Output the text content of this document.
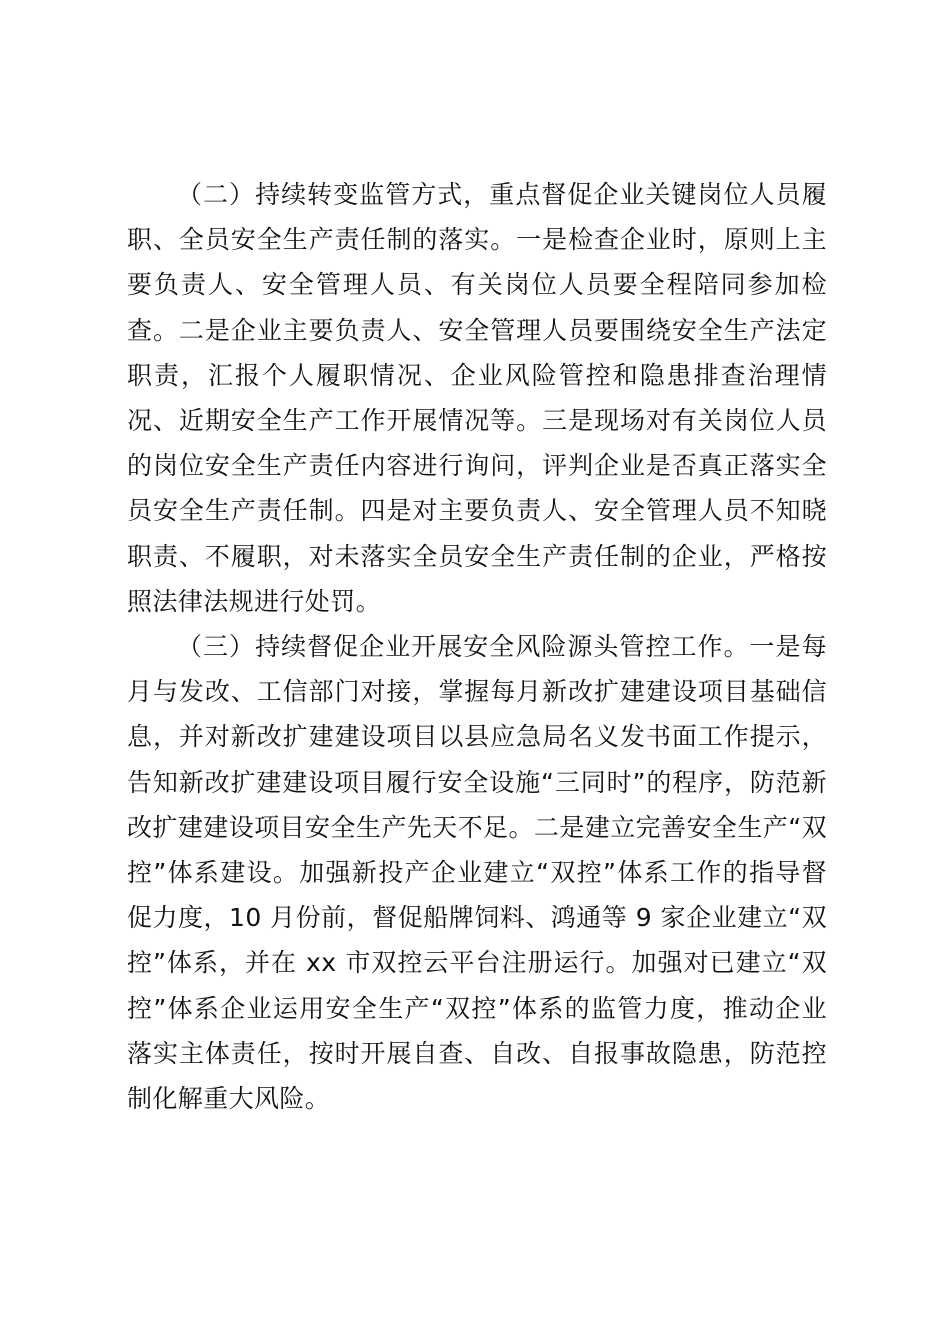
（二）持续转变监管方式，重点督促企业关键岗位人员履职、全员安全生产责任制的落实。一是检查企业时，原则上主要负责人、安全管理人员、有关岗位人员要全程陪同参加检查。二是企业主要负责人、安全管理人员要围绕安全生产法定职责，汇报个人履职情况、企业风险管控和隐患排查治理情况、近期安全生产工作开展情况等。三是现场对有关岗位人员的岗位安全生产责任内容进行询问，评判企业是否真正落实全员安全生产责任制。四是对主要负责人、安全管理人员不知晓职责、不履职，对未落实全员安全生产责任制的企业，严格按照法律法规进行处罚。

（三）持续督促企业开展安全风险源头管控工作。一是每月与发改、工信部门对接，掌握每月新改扩建建设项目基础信息，并对新改扩建建设项目以县应急局名义发书面工作提示，告知新改扩建建设项目履行安全设施“三同时”的程序，防范新改扩建建设项目安全生产先天不足。二是建立完善安全生产“双控”体系建设。加强新投产企业建立“双控”体系工作的指导督促力度，10 月份前，督促船牌饲料、鸿通等 9 家企业建立“双控”体系，并在 xx 市双控云平台注册运行。加强对已建立“双控”体系企业运用安全生产“双控”体系的监管力度，推动企业落实主体责任，按时开展自查、自改、自报事故隐患，防范控制化解重大风险。
